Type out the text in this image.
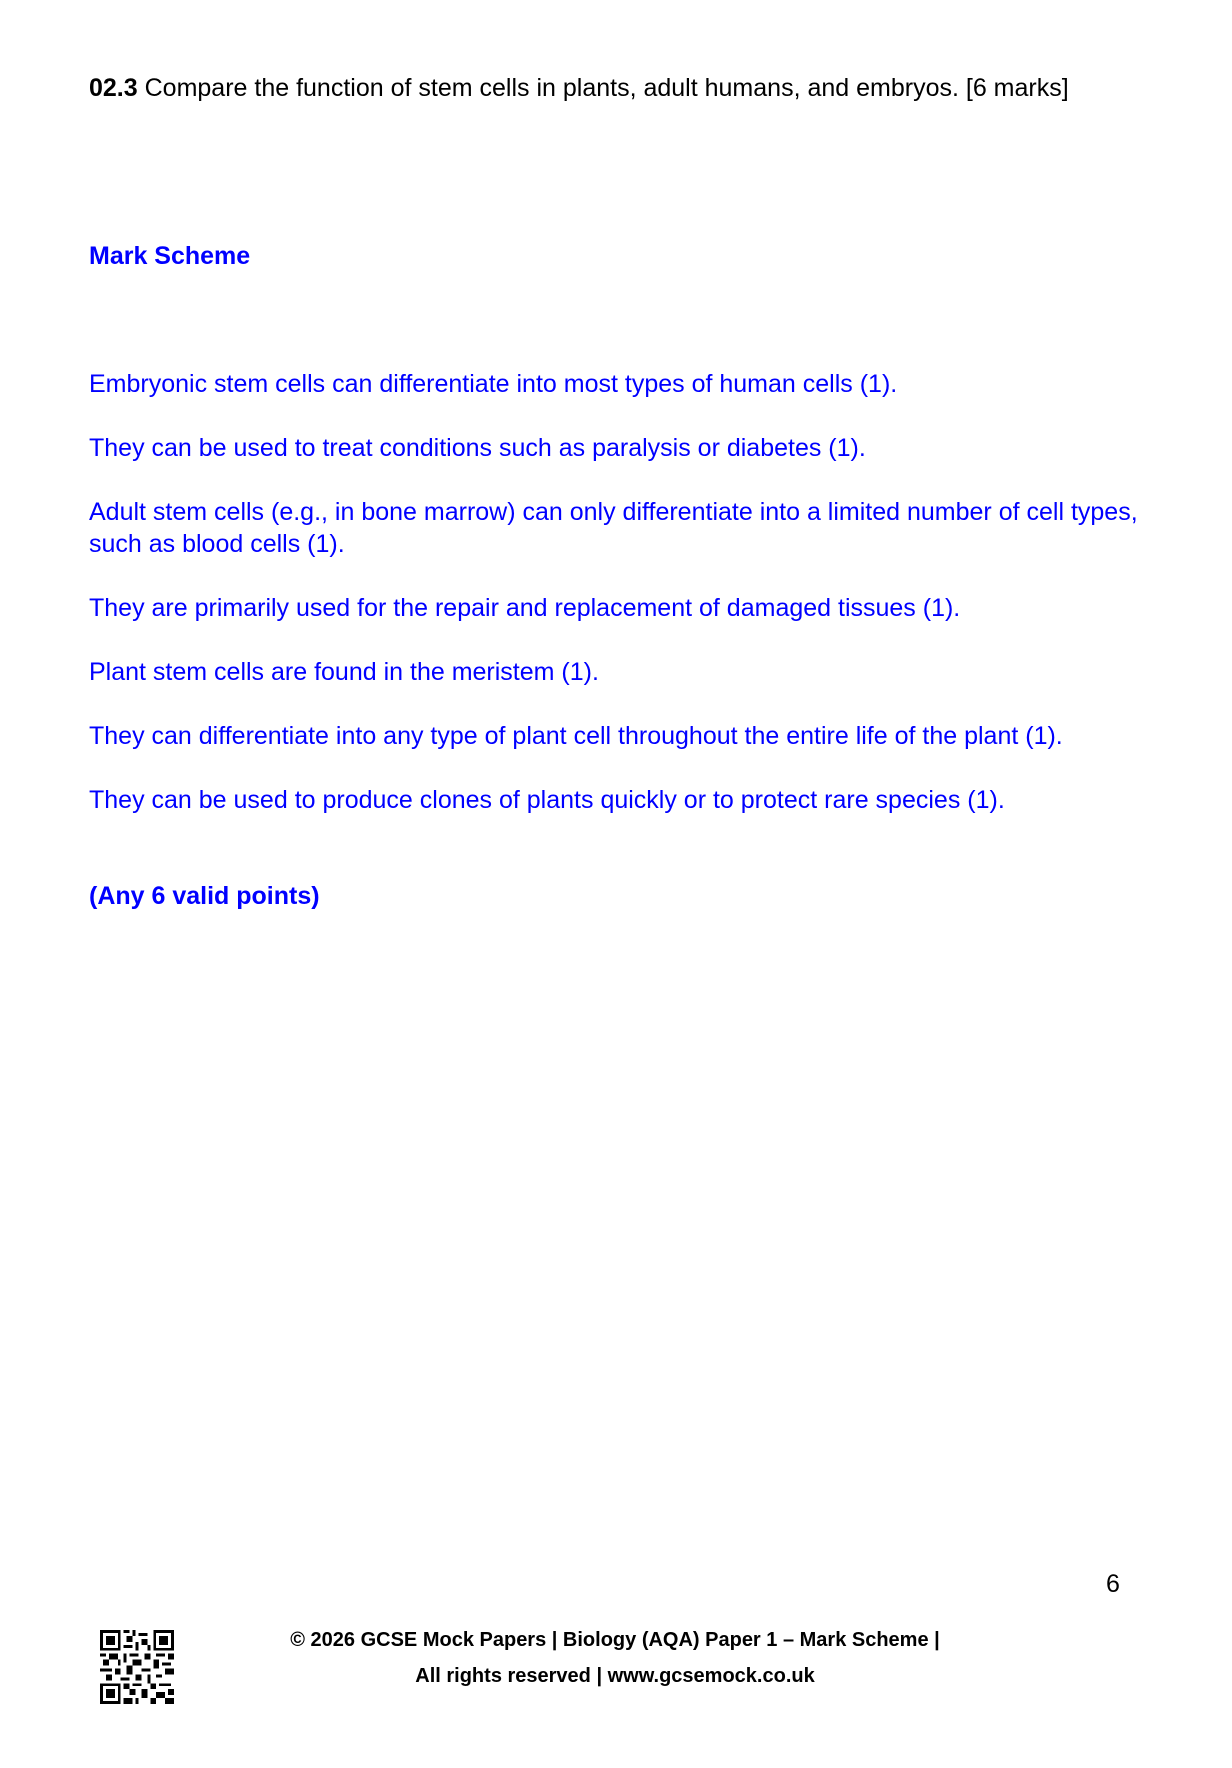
02.3 Compare the function of stem cells in plants, adult humans, and embryos. [6 marks]
Mark Scheme
Embryonic stem cells can differentiate into most types of human cells (1).
They can be used to treat conditions such as paralysis or diabetes (1).
Adult stem cells (e.g., in bone marrow) can only differentiate into a limited number of cell types, such as blood cells (1).
They are primarily used for the repair and replacement of damaged tissues (1).
Plant stem cells are found in the meristem (1).
They can differentiate into any type of plant cell throughout the entire life of the plant (1).
They can be used to produce clones of plants quickly or to protect rare species (1).
(Any 6 valid points)
6
© 2026 GCSE Mock Papers | Biology (AQA) Paper 1 – Mark Scheme |
All rights reserved | www.gcsemock.co.uk
